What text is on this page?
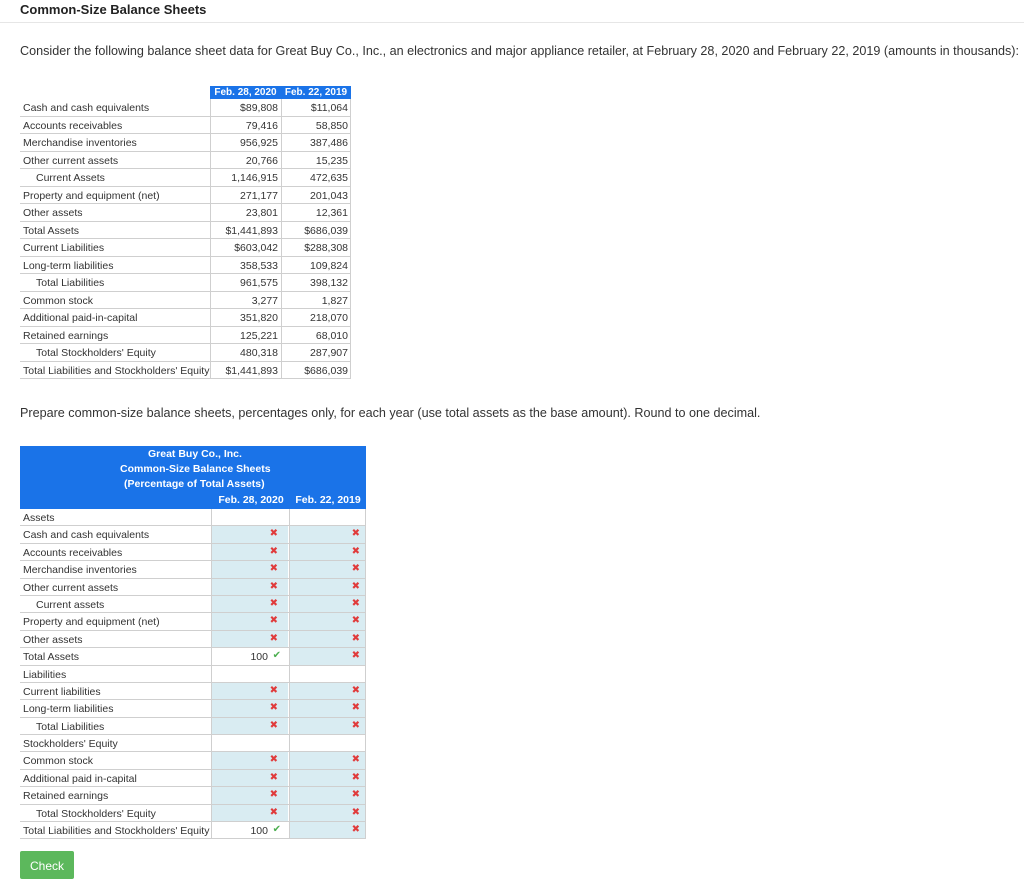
Common-Size Balance Sheets
Consider the following balance sheet data for Great Buy Co., Inc., an electronics and major appliance retailer, at February 28, 2020 and February 22, 2019 (amounts in thousands):
Feb. 28, 2020 Feb. 22, 2019
Cash and cash equivalents	$89,808	$11,064
Accounts receivables	79,416	58,850
Merchandise inventories	956,925	387,486
Other current assets	20,766	15,235
Current Assets	1,146,915	472,635
Property and equipment (net)	271,177	201,043
Other assets	23,801	12,361
Total Assets	$1,441,893	$686,039
Current Liabilities	$603,042	$288,308
Long-term liabilities	358,533	109,824
Total Liabilities	961,575	398,132
Common stock	3,277	1,827
Additional paid-in-capital	351,820	218,070
Retained earnings	125,221	68,010
Total Stockholders' Equity	480,318	287,907
Total Liabilities and Stockholders' Equity	$1,441,893	$686,039
Prepare common-size balance sheets, percentages only, for each year (use total assets as the base amount). Round to one decimal.
Great Buy Co., Inc.
Common-Size Balance Sheets
(Percentage of Total Assets)
Feb. 28, 2020	Feb. 22, 2019
Assets
Cash and cash equivalents	✖	✖
Accounts receivables	✖	✖
Merchandise inventories	✖	✖
Other current assets	✖	✖
Current assets	✖	✖
Property and equipment (net)	✖	✖
Other assets	✖	✖
Total Assets	100 ✔	✖
Liabilities
Current liabilities	✖	✖
Long-term liabilities	✖	✖
Total Liabilities	✖	✖
Stockholders' Equity
Common stock	✖	✖
Additional paid in-capital	✖	✖
Retained earnings	✖	✖
Total Stockholders' Equity	✖	✖
Total Liabilities and Stockholders' Equity	100 ✔	✖
Check
